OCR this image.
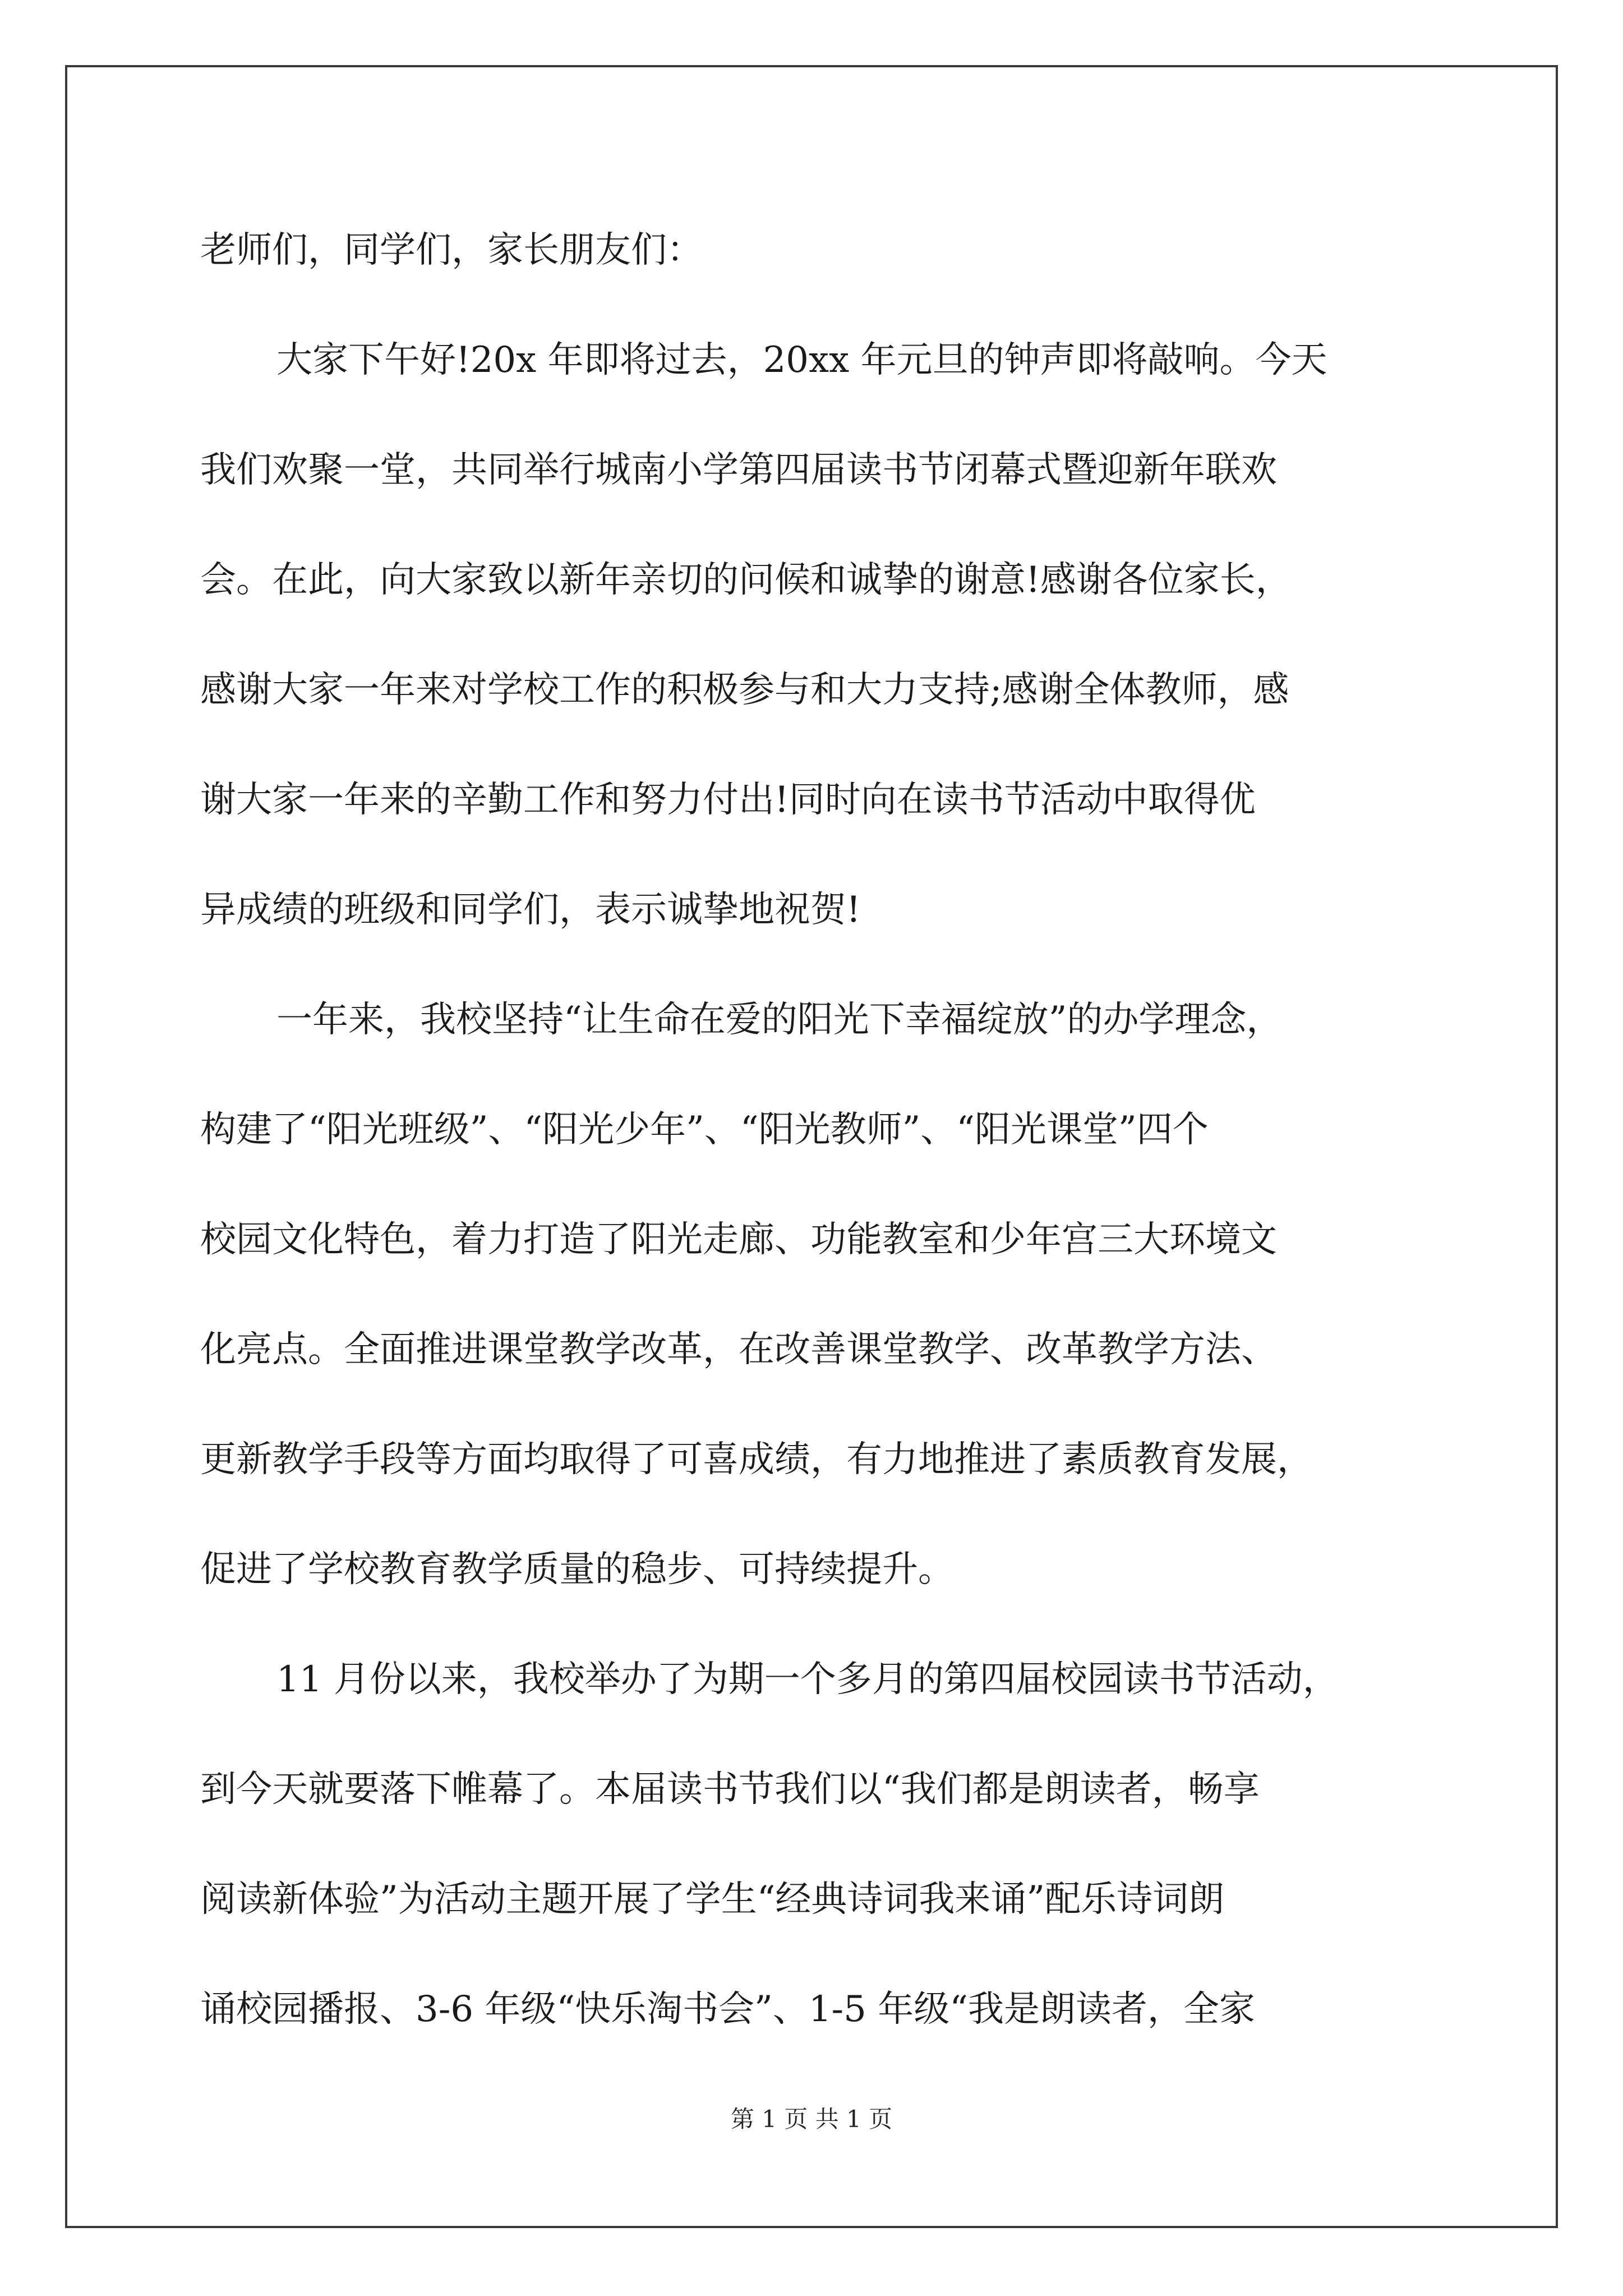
老师们，同学们，家长朋友们：
大家下午好!20x 年即将过去，20xx 年元旦的钟声即将敲响。今天
我们欢聚一堂，共同举行城南小学第四届读书节闭幕式暨迎新年联欢
会。在此，向大家致以新年亲切的问候和诚挚的谢意!感谢各位家长，
感谢大家一年来对学校工作的积极参与和大力支持;感谢全体教师，感
谢大家一年来的辛勤工作和努力付出!同时向在读书节活动中取得优
异成绩的班级和同学们，表示诚挚地祝贺!
一年来，我校坚持“让生命在爱的阳光下幸福绽放”的办学理念，
构建了“阳光班级”、“阳光少年”、“阳光教师”、“阳光课堂”四个
校园文化特色，着力打造了阳光走廊、功能教室和少年宫三大环境文
化亮点。全面推进课堂教学改革，在改善课堂教学、改革教学方法、
更新教学手段等方面均取得了可喜成绩，有力地推进了素质教育发展，
促进了学校教育教学质量的稳步、可持续提升。
11 月份以来，我校举办了为期一个多月的第四届校园读书节活动，
到今天就要落下帷幕了。本届读书节我们以“我们都是朗读者，畅享
阅读新体验”为活动主题开展了学生“经典诗词我来诵”配乐诗词朗
诵校园播报、3-6 年级“快乐淘书会”、1-5 年级“我是朗读者，全家
第 1 页 共 1 页
